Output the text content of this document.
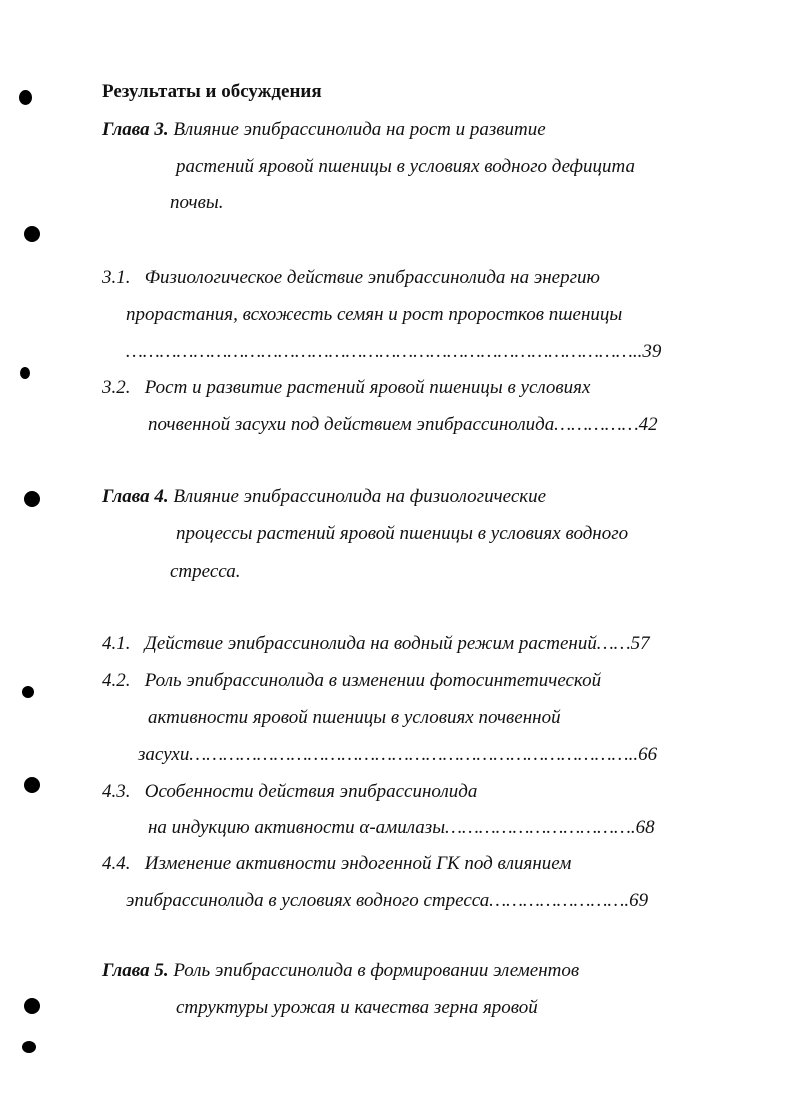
Результаты и обсуждения
Глава 3. Влияние эпибрассинолида на рост и развитие
растений яровой пшеницы в условиях водного дефицита
почвы.
3.1. Физиологическое действие эпибрассинолида на энергию
прорастания, всхожесть семян и рост проростков пшеницы
………………………………………………………………………………..39
3.2. Рост и развитие растений яровой пшеницы в условиях
почвенной засухи под действием эпибрассинолида……………42
Глава 4. Влияние эпибрассинолида на физиологические
процессы растений яровой пшеницы в условиях водного
стресса.
4.1. Действие эпибрассинолида на водный режим растений……57
4.2. Роль эпибрассинолида в изменении фотосинтетической
активности яровой пшеницы в условиях почвенной
засухи……………………………………………………………………..66
4.3. Особенности действия эпибрассинолида
на индукцию активности α-амилазы…………………………….68
4.4. Изменение активности эндогенной ГК под влиянием
эпибрассинолида в условиях водного стресса…………………….69
Глава 5. Роль эпибрассинолида в формировании элементов
структуры урожая и качества зерна яровой
